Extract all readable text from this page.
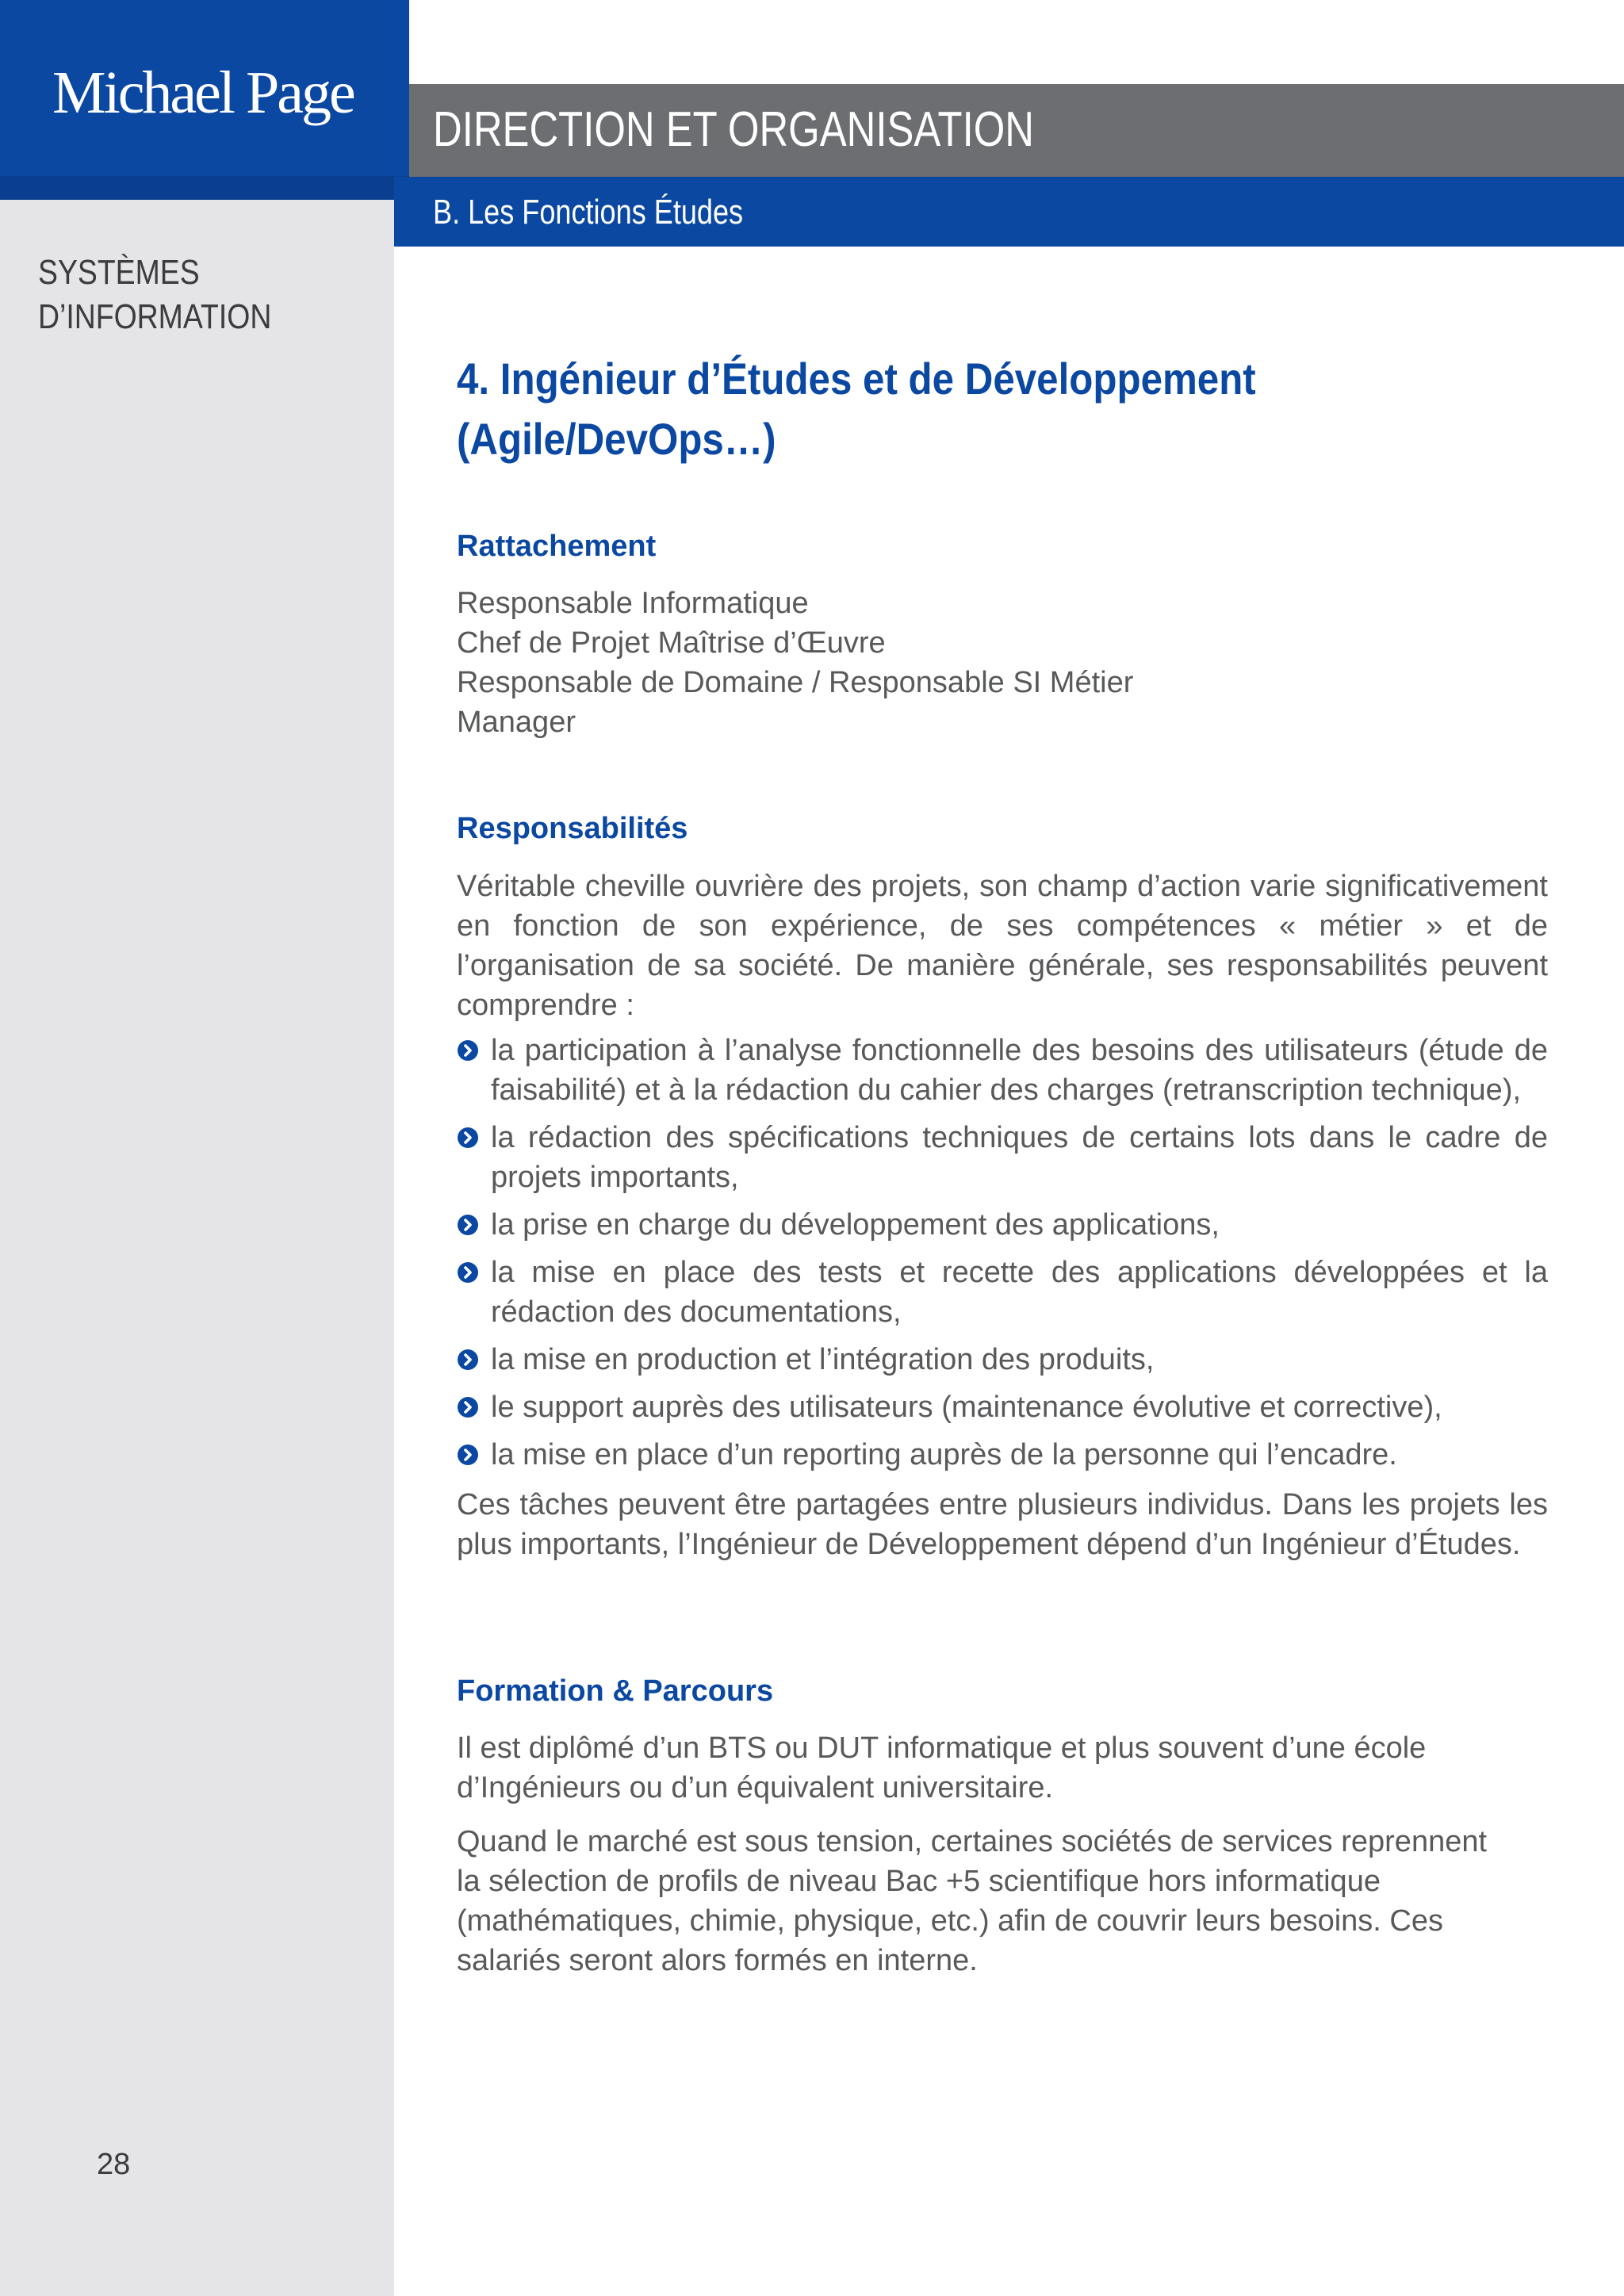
Michael Page
DIRECTION ET ORGANISATION
B. Les Fonctions Études
SYSTÈMES
D’INFORMATION
28
4. Ingénieur d’Études et de Développement
(Agile/DevOps…)
Rattachement
Responsable Informatique
Chef de Projet Maîtrise d’Œuvre
Responsable de Domaine / Responsable SI Métier
Manager
Responsabilités

Véritable cheville ouvrière des projets, son champ d’action varie significativement en fonction de son expérience, de ses compétences « métier » et de l’organisation de sa société. De manière générale, ses responsabilités peuvent comprendre :

la participation à l’analyse fonctionnelle des besoins des utilisateurs (étude de faisabilité) et à la rédaction du cahier des charges (retranscription technique),
la rédaction des spécifications techniques de certains lots dans le cadre de projets importants,
la prise en charge du développement des applications,
la mise en place des tests et recette des applications développées et la rédaction des documentations,
la mise en production et l’intégration des produits,
le support auprès des utilisateurs (maintenance évolutive et corrective),
la mise en place d’un reporting auprès de la personne qui l’encadre.

Ces tâches peuvent être partagées entre plusieurs individus. Dans les projets les plus importants, l’Ingénieur de Développement dépend d’un Ingénieur d’Études.

Formation & Parcours
Il est diplômé d’un BTS ou DUT informatique et plus souvent d’une école
d’Ingénieurs ou d’un équivalent universitaire.
Quand le marché est sous tension, certaines sociétés de services reprennent
la sélection de profils de niveau Bac +5 scientifique hors informatique
(mathématiques, chimie, physique, etc.) afin de couvrir leurs besoins. Ces
salariés seront alors formés en interne.
